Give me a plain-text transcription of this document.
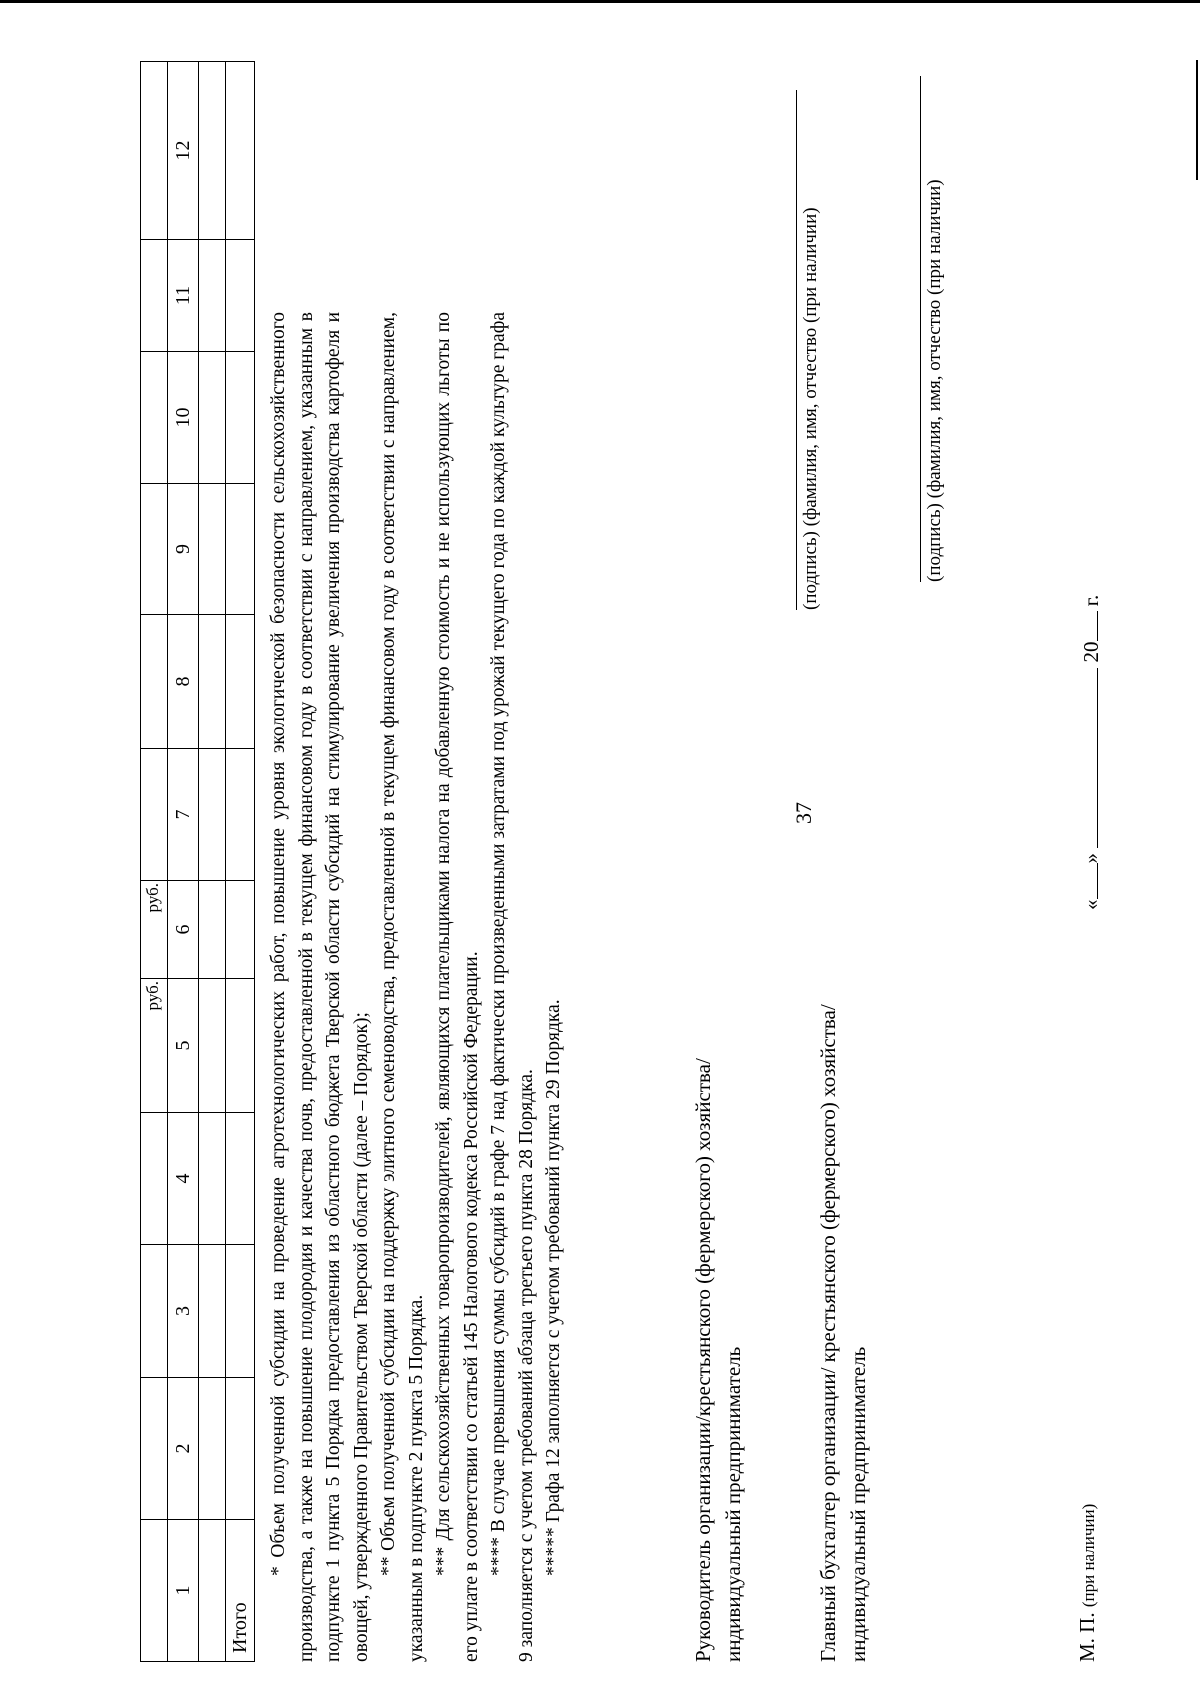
37

				руб.	руб.						

1	2	3	4	5	6	7	8	9	10	11	12

Итого											

* Объем полученной субсидии на проведение агротехнологических работ, повышение уровня экологической безопасности сельскохозяйственного производства, а также на повышение плодородия и качества почв, предоставленной в текущем финансовом году в соответствии с направлением, указанным в подпункте 1 пункта 5 Порядка предоставления из областного бюджета Тверской области субсидий на стимулирование увеличения производства картофеля и овощей, утвержденного Правительством Тверской области (далее – Порядок); ** Объем полученной субсидии на поддержку элитного семеноводства, предоставленной в текущем финансовом году в соответствии с направлением, указанным в подпункте 2 пункта 5 Порядка. *** Для сельскохозяйственных товаропроизводителей, являющихся плательщиками налога на добавленную стоимость и не использующих льготы по его уплате в соответствии со статьей 145 Налогового кодекса Российской Федерации. **** В случае превышения суммы субсидий в графе 7 над фактически произведенными затратами под урожай текущего года по каждой культуре графа 9 заполняется с учетом требований абзаца третьего пункта 28 Порядка. ***** Графа 12 заполняется с учетом требований пункта 29 Порядка.	Руководитель организации/крестьянского (фермерского) хозяйства/ индивидуальный предприниматель
(подпись) (фамилия, имя, отчество (при наличии)
Главный бухгалтер организации/ крестьянского (фермерского) хозяйства/ индивидуальный предприниматель
(подпись) (фамилия, имя, отчество (при наличии)
М. П. (при наличии)
«»  20 г.
